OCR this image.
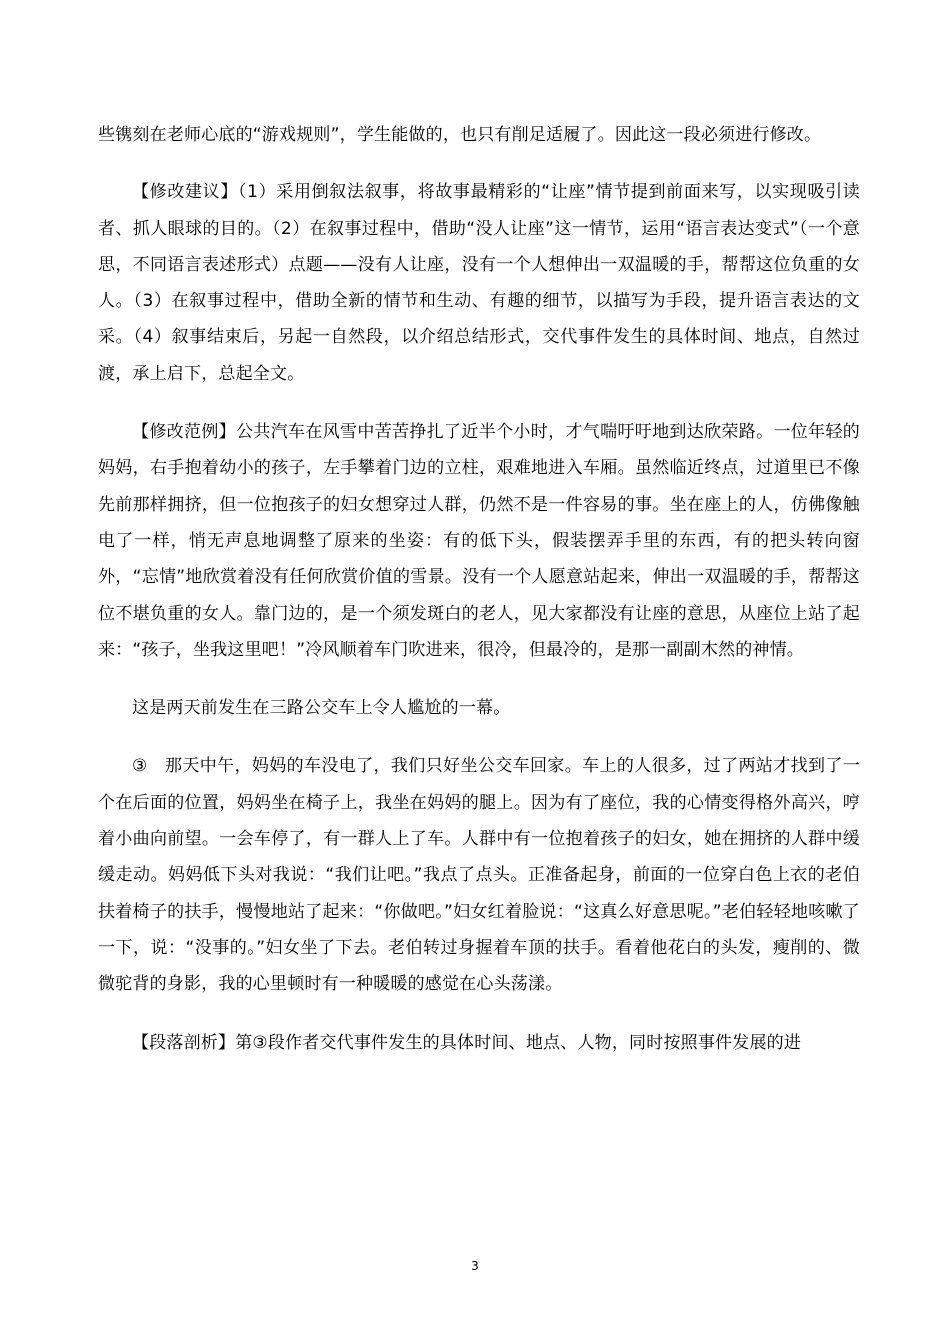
些镌刻在老师心底的“游戏规则”，学生能做的，也只有削足适履了。因此这一段必须进行修改。

【修改建议】（1）采用倒叙法叙事，将故事最精彩的“让座”情节提到前面来写，以实现吸引读者、抓人眼球的目的。（2）在叙事过程中，借助“没人让座”这一情节，运用“语言表达变式”（一个意思，不同语言表述形式）点题——没有人让座，没有一个人想伸出一双温暖的手，帮帮这位负重的女人。（3）在叙事过程中，借助全新的情节和生动、有趣的细节，以描写为手段，提升语言表达的文采。（4）叙事结束后，另起一自然段，以介绍总结形式，交代事件发生的具体时间、地点，自然过渡，承上启下，总起全文。

【修改范例】公共汽车在风雪中苦苦挣扎了近半个小时，才气喘吁吁地到达欣荣路。一位年轻的妈妈，右手抱着幼小的孩子，左手攀着门边的立柱，艰难地进入车厢。虽然临近终点，过道里已不像先前那样拥挤，但一位抱孩子的妇女想穿过人群，仍然不是一件容易的事。坐在座上的人，仿佛像触电了一样，悄无声息地调整了原来的坐姿：有的低下头，假装摆弄手里的东西，有的把头转向窗外，“忘情”地欣赏着没有任何欣赏价值的雪景。没有一个人愿意站起来，伸出一双温暖的手，帮帮这位不堪负重的女人。靠门边的，是一个须发斑白的老人，见大家都没有让座的意思，从座位上站了起来：“孩子，坐我这里吧！”冷风顺着车门吹进来，很冷，但最冷的，是那一副副木然的神情。

这是两天前发生在三路公交车上令人尴尬的一幕。

③　那天中午，妈妈的车没电了，我们只好坐公交车回家。车上的人很多，过了两站才找到了一个在后面的位置，妈妈坐在椅子上，我坐在妈妈的腿上。因为有了座位，我的心情变得格外高兴，哼着小曲向前望。一会车停了，有一群人上了车。人群中有一位抱着孩子的妇女，她在拥挤的人群中缓缓走动。妈妈低下头对我说：“我们让吧。”我点了点头。正准备起身，前面的一位穿白色上衣的老伯扶着椅子的扶手，慢慢地站了起来：“你做吧。”妇女红着脸说：“这真么好意思呢。”老伯轻轻地咳嗽了一下，说：“没事的。”妇女坐了下去。老伯转过身握着车顶的扶手。看着他花白的头发，瘦削的、微微驼背的身影，我的心里顿时有一种暖暖的感觉在心头荡漾。

【段落剖析】第③段作者交代事件发生的具体时间、地点、人物，同时按照事件发展的进

3
